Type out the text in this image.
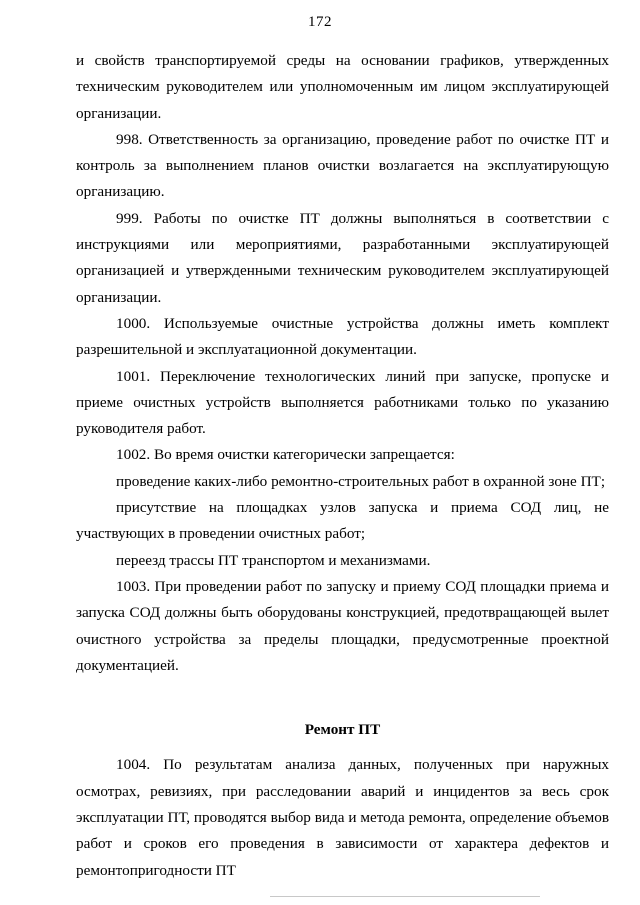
172

и свойств транспортируемой среды на основании графиков, утвержденных техническим руководителем или уполномоченным им лицом эксплуатирующей организации.

998. Ответственность за организацию, проведение работ по очистке ПТ и контроль за выполнением планов очистки возлагается на эксплуатирующую организацию.

999. Работы по очистке ПТ должны выполняться в соответствии с инструкциями или мероприятиями, разработанными эксплуатирующей организацией и утвержденными техническим руководителем эксплуатирующей организации.

1000. Используемые очистные устройства должны иметь комплект разрешительной и эксплуатационной документации.

1001. Переключение технологических линий при запуске, пропуске и приеме очистных устройств выполняется работниками только по указанию руководителя работ.

1002. Во время очистки категорически запрещается:

проведение каких-либо ремонтно-строительных работ в охранной зоне ПТ;

присутствие на площадках узлов запуска и приема СОД лиц, не участвующих в проведении очистных работ;

переезд трассы ПТ транспортом и механизмами.

1003. При проведении работ по запуску и приему СОД площадки приема и запуска СОД должны быть оборудованы конструкцией, предотвращающей вылет очистного устройства за пределы площадки, предусмотренные проектной документацией.

Ремонт ПТ

1004. По результатам анализа данных, полученных при наружных осмотрах, ревизиях, при расследовании аварий и инцидентов за весь срок эксплуатации ПТ, проводятся выбор вида и метода ремонта, определение объемов работ и сроков его проведения в зависимости от характера дефектов и ремонтопригодности ПТ
